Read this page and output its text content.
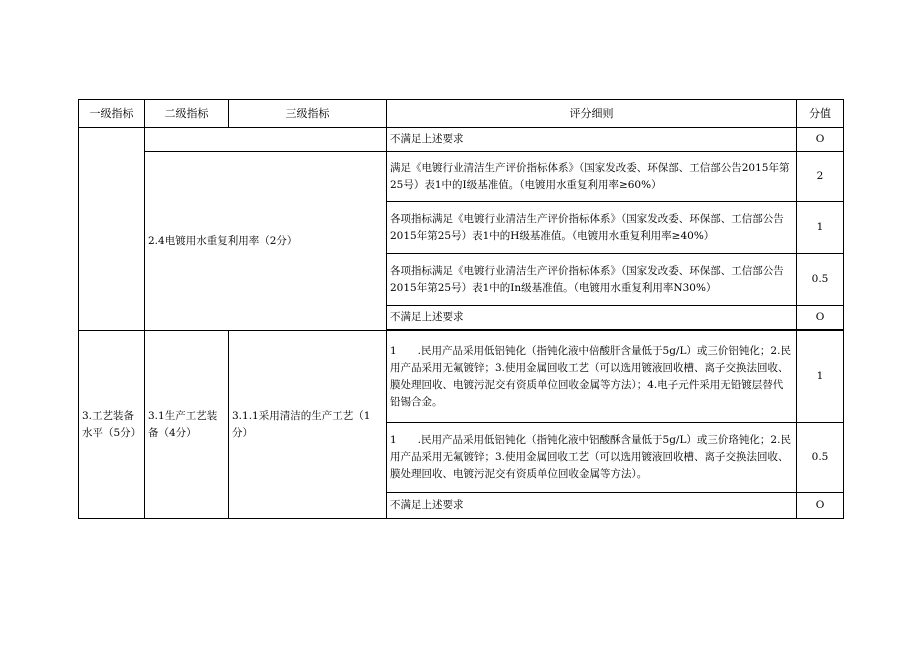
一级指标	二级指标	三级指标	评分细则	分值
			不满足上述要求	O
	2.4电镀用水重复利用率（2分）		满足《电镀行业清洁生产评价指标体系》（国家发改委、环保部、工信部公告2015年第25号）表1中的I级基准值。（电镀用水重复利用率≥60%）	2
			各项指标满足《电镀行业清洁生产评价指标体系》（国家发改委、环保部、工信部公告2015年第25号）表1中的H级基准值。（电镀用水重复利用率≥40%）	1
			各项指标满足《电镀行业清洁生产评价指标体系》（国家发改委、环保部、工信部公告2015年第25号）表1中的In级基准值。（电镀用水重复利用率N30%）	0.5
			不满足上述要求	O

3.工艺装备水平（5分）	3.1生产工艺装备（4分）	3.1.1采用清洁的生产工艺（1分）	1　　.民用产品采用低铝钝化（指钝化液中倍酸肝含量低于5g/L）或三价铝钝化；2.民用产品采用无氟镀锌；3.使用金属回收工艺（可以选用镀液回收槽、离子交换法回收、膜处理回收、电镀污泥交有资质单位回收金属等方法）；4.电子元件采用无铅镀层替代铅锡合金。	1
			1　　.民用产品采用低铝钝化（指钝化液中铝酸酥含量低于5g/L）或三价珞钝化；2.民用产品采用无氟镀锌；3.使用金属回收工艺（可以选用镀液回收槽、离子交换法回收、膜处理回收、电镀污泥交有资质单位回收金属等方法）。	0.5
			不满足上述要求	O
